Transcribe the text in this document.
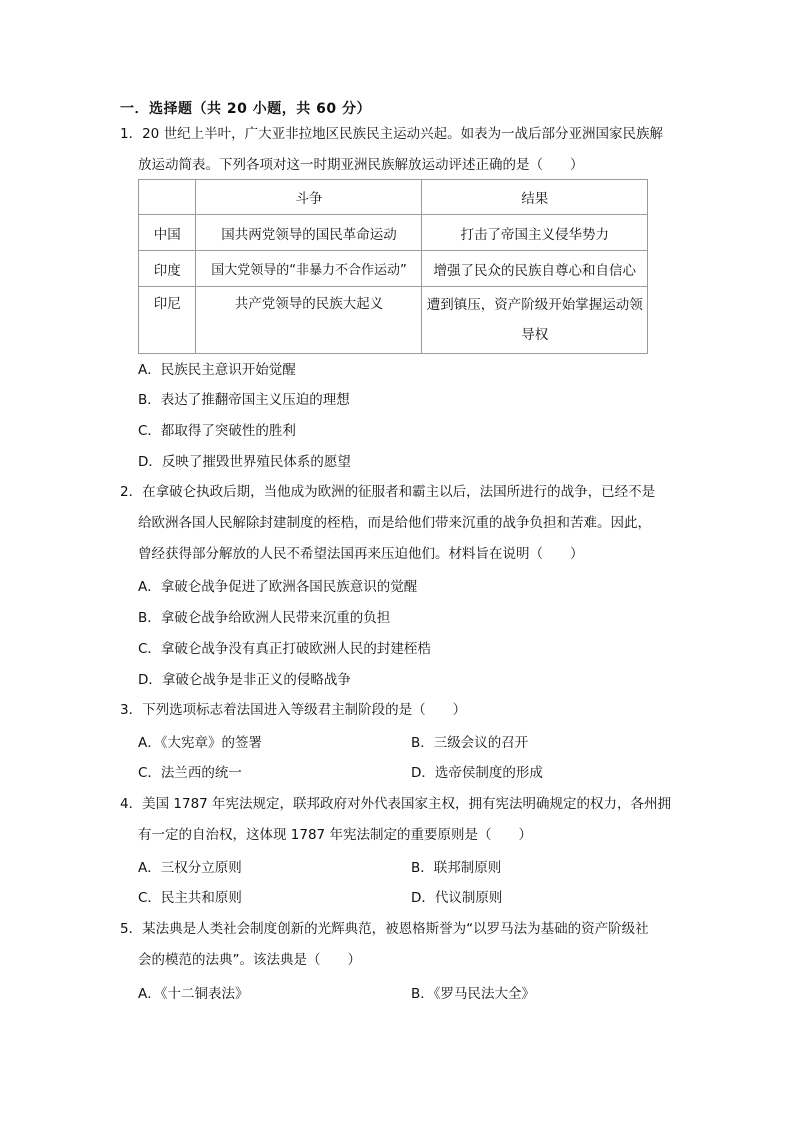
一．选择题（共 20 小题，共 60 分）
1．20 世纪上半叶，广大亚非拉地区民族民主运动兴起。如表为一战后部分亚洲国家民族解
放运动简表。下列各项对这一时期亚洲民族解放运动评述正确的是（　　）
	斗争	结果
中国	国共两党领导的国民革命运动	打击了帝国主义侵华势力
印度	国大党领导的“非暴力不合作运动”	增强了民众的民族自尊心和自信心
印尼	共产党领导的民族大起义	遭到镇压，资产阶级开始掌握运动领导权
A．民族民主意识开始觉醒
B．表达了推翻帝国主义压迫的理想
C．都取得了突破性的胜利
D．反映了摧毁世界殖民体系的愿望
2．在拿破仑执政后期，当他成为欧洲的征服者和霸主以后，法国所进行的战争，已经不是
给欧洲各国人民解除封建制度的桎梏，而是给他们带来沉重的战争负担和苦难。因此，
曾经获得部分解放的人民不希望法国再来压迫他们。材料旨在说明（　　）
A．拿破仑战争促进了欧洲各国民族意识的觉醒
B．拿破仑战争给欧洲人民带来沉重的负担
C．拿破仑战争没有真正打破欧洲人民的封建桎梏
D．拿破仑战争是非正义的侵略战争
3．下列选项标志着法国进入等级君主制阶段的是（　　）
A．《大宪章》的签署	B．三级会议的召开
C．法兰西的统一	D．选帝侯制度的形成
4．美国 1787 年宪法规定，联邦政府对外代表国家主权，拥有宪法明确规定的权力，各州拥
有一定的自治权，这体现 1787 年宪法制定的重要原则是（　　）
A．三权分立原则	B．联邦制原则
C．民主共和原则	D．代议制原则
5．某法典是人类社会制度创新的光辉典范，被恩格斯誉为“以罗马法为基础的资产阶级社
会的模范的法典”。该法典是（　　）
A．《十二铜表法》	B．《罗马民法大全》
